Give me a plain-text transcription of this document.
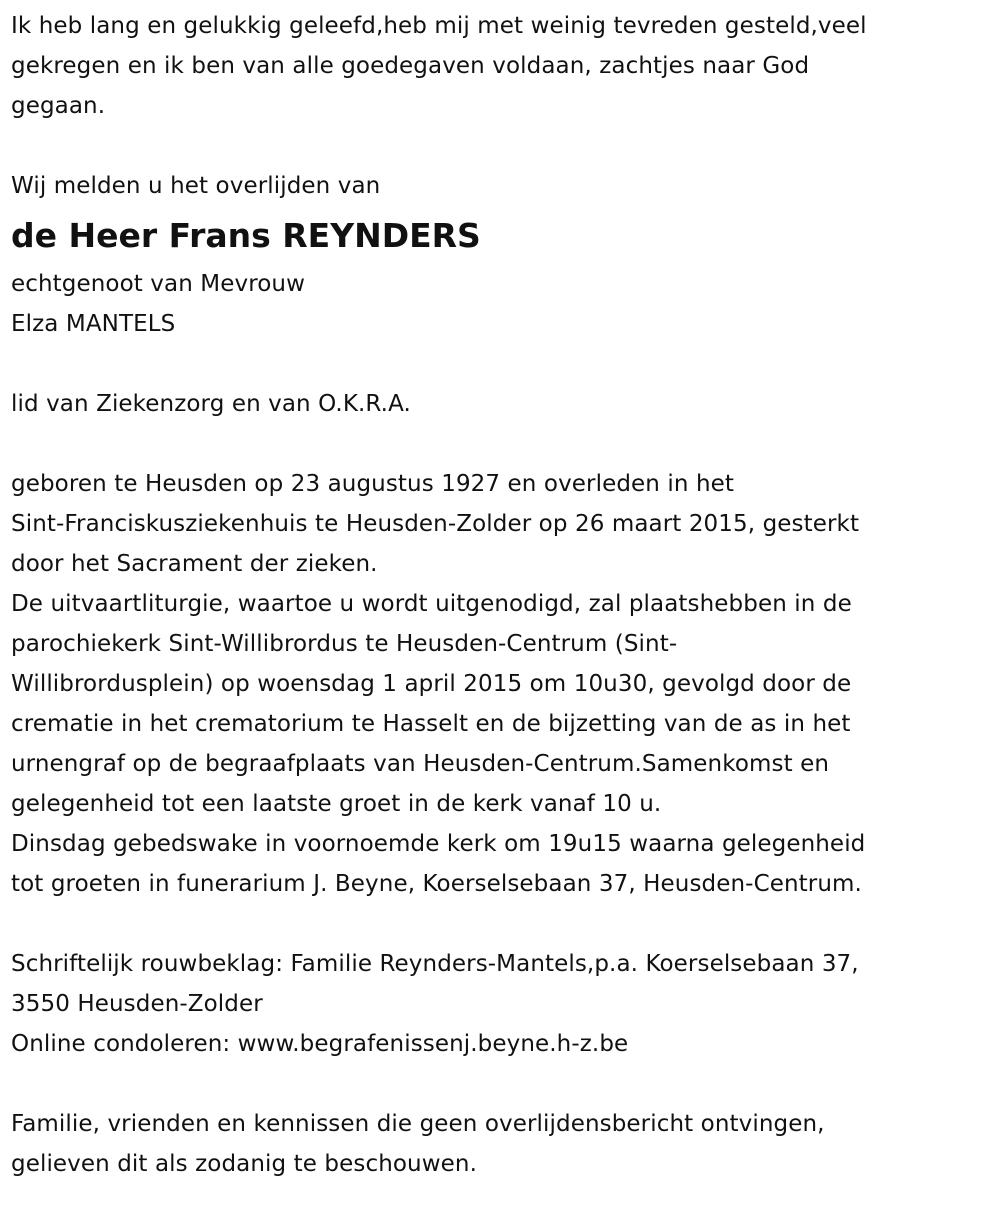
Ik heb lang en gelukkig geleefd,heb mij met weinig tevreden gesteld,veel
gekregen en ik ben van alle goedegaven voldaan, zachtjes naar God
gegaan.
Wij melden u het overlijden van
de Heer Frans REYNDERS
echtgenoot van Mevrouw
Elza MANTELS
lid van Ziekenzorg en van O.K.R.A.
geboren te Heusden op 23 augustus 1927 en overleden in het
Sint-Franciskusziekenhuis te Heusden-Zolder op 26 maart 2015, gesterkt
door het Sacrament der zieken.
De uitvaartliturgie, waartoe u wordt uitgenodigd, zal plaatshebben in de
parochiekerk Sint-Willibrordus te Heusden-Centrum (Sint-
Willibrordusplein) op woensdag 1 april 2015 om 10u30, gevolgd door de
crematie in het crematorium te Hasselt en de bijzetting van de as in het
urnengraf op de begraafplaats van Heusden-Centrum.Samenkomst en
gelegenheid tot een laatste groet in de kerk vanaf 10 u.
Dinsdag gebedswake in voornoemde kerk om 19u15 waarna gelegenheid
tot groeten in funerarium J. Beyne, Koerselsebaan 37, Heusden-Centrum.
Schriftelijk rouwbeklag: Familie Reynders-Mantels,p.a. Koerselsebaan 37,
3550 Heusden-Zolder
Online condoleren: www.begrafenissenj.beyne.h-z.be
Familie, vrienden en kennissen die geen overlijdensbericht ontvingen,
gelieven dit als zodanig te beschouwen.
